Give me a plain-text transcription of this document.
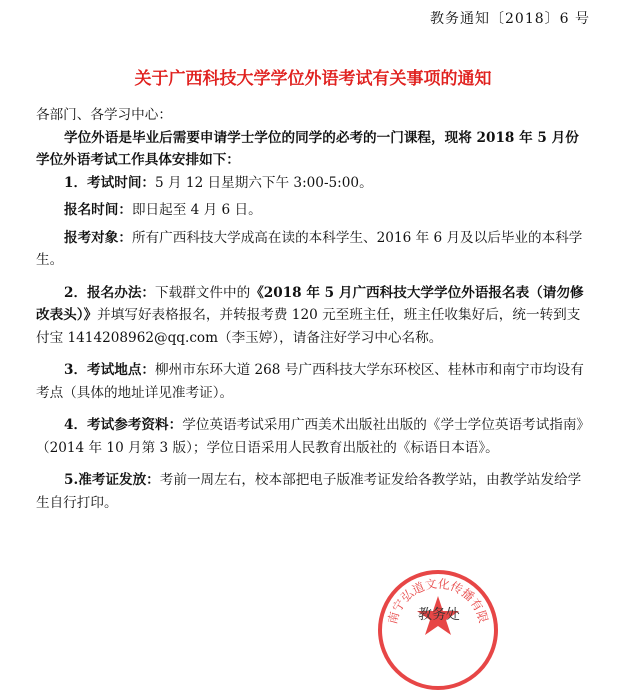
教务通知〔2018〕6 号
关于广西科技大学学位外语考试有关事项的通知

各部门、各学习中心：

学位外语是毕业后需要申请学士学位的同学的必考的一门课程，现将 2018 年 5 月份学位外语考试工作具体安排如下：

1．考试时间：5 月 12 日星期六下午 3:00-5:00。

报名时间：即日起至 4 月 6 日。

报考对象：所有广西科技大学成高在读的本科学生、2016 年 6 月及以后毕业的本科学生。

2．报名办法：下载群文件中的《2018 年 5 月广西科技大学学位外语报名表（请勿修改表头）》并填写好表格报名，并转报考费 120 元至班主任，班主任收集好后，统一转到支付宝 1414208962@qq.com（李玉婷），请备注好学习中心名称。

3．考试地点：柳州市东环大道 268 号广西科技大学东环校区、桂林市和南宁市均设有考点（具体的地址详见准考证）。

4．考试参考资料：学位英语考试采用广西美术出版社出版的《学士学位英语考试指南》（2014 年 10 月第 3 版）；学位日语采用人民教育出版社的《标语日本语》。

5.准考证发放：考前一周左右，校本部把电子版准考证发给各教学站，由教学站发给学生自行打印。

南宁弘道文化传播有限
教务处
